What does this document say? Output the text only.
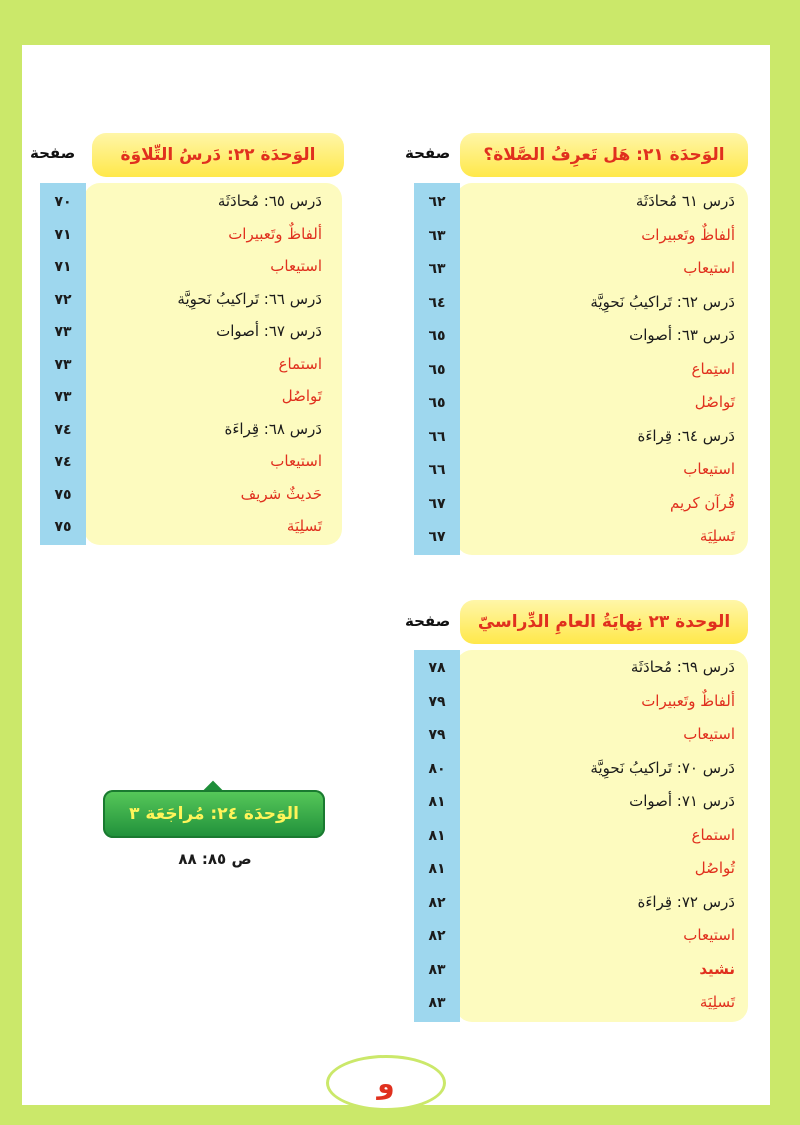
الوَحدَة ٢١: هَل تَعرِفُ الصَّلاة؟
صفحة
الوَحدَة ٢٢: دَرسُ التِّلاوَة
صفحة
الوحدة ٢٣ نِهايَةُ العامِ الدِّراسيّ
صفحة
الوَحدَة ٢٤: مُراجَعَة ٣
ص ٨٥: ٨٨
و
٦٢	دَرس ٦١ مُحادَثَة
٦٣	ألفاظٌ وتَعبيرات
٦٣	استيعاب
٦٤	دَرس ٦٢: تَراكيبُ نَحوِيَّة
٦٥	دَرس ٦٣: أصوات
٦٥	استِماع
٦٥	تَواصُل
٦٦	دَرس ٦٤: قِراءَة
٦٦	استيعاب
٦٧	قُرآن كريم
٦٧	تَسلِيَة
٧٠	دَرس ٦٥: مُحادَثَة
٧١	ألفاظٌ وتَعبيرات
٧١	استيعاب
٧٢	دَرس ٦٦: تَراكيبُ نَحوِيَّة
٧٣	دَرس ٦٧: أصوات
٧٣	استماع
٧٣	تَواصُل
٧٤	دَرس ٦٨: قِراءَة
٧٤	استيعاب
٧٥	حَديثٌ شريف
٧٥	تَسلِيَة
٧٨	دَرس ٦٩: مُحادَثَة
٧٩	ألفاظٌ وتَعبيرات
٧٩	استيعاب
٨٠	دَرس ٧٠: تَراكيبُ نَحوِيَّة
٨١	دَرس ٧١: أصوات
٨١	استماع
٨١	تُواصُل
٨٢	دَرس ٧٢: قِراءَة
٨٢	استيعاب
٨٣	نشيد
٨٣	تَسلِيَة
